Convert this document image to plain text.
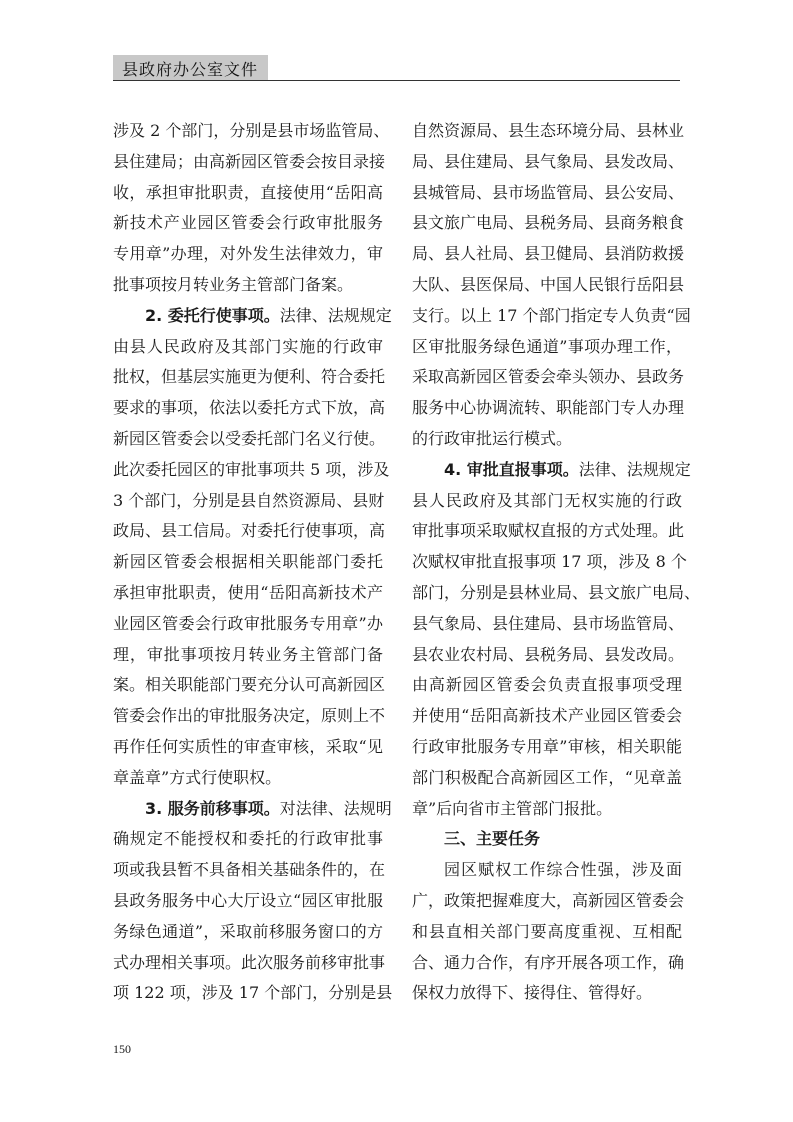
县政府办公室文件
涉及 2 个部门，分别是县市场监管局、
县住建局；由高新园区管委会按目录接
收，承担审批职责，直接使用“岳阳高
新技术产业园区管委会行政审批服务
专用章”办理，对外发生法律效力，审
批事项按月转业务主管部门备案。
2. 委托行使事项。法律、法规规定
由县人民政府及其部门实施的行政审
批权，但基层实施更为便利、符合委托
要求的事项，依法以委托方式下放，高
新园区管委会以受委托部门名义行使。
此次委托园区的审批事项共 5 项，涉及
3 个部门，分别是县自然资源局、县财
政局、县工信局。对委托行使事项，高
新园区管委会根据相关职能部门委托
承担审批职责，使用“岳阳高新技术产
业园区管委会行政审批服务专用章”办
理，审批事项按月转业务主管部门备
案。相关职能部门要充分认可高新园区
管委会作出的审批服务决定，原则上不
再作任何实质性的审查审核，采取“见
章盖章”方式行使职权。
3. 服务前移事项。对法律、法规明
确规定不能授权和委托的行政审批事
项或我县暂不具备相关基础条件的，在
县政务服务中心大厅设立“园区审批服
务绿色通道”，采取前移服务窗口的方
式办理相关事项。此次服务前移审批事
项 122 项，涉及 17 个部门，分别是县
自然资源局、县生态环境分局、县林业
局、县住建局、县气象局、县发改局、
县城管局、县市场监管局、县公安局、
县文旅广电局、县税务局、县商务粮食
局、县人社局、县卫健局、县消防救援
大队、县医保局、中国人民银行岳阳县
支行。以上 17 个部门指定专人负责“园
区审批服务绿色通道”事项办理工作，
采取高新园区管委会牵头领办、县政务
服务中心协调流转、职能部门专人办理
的行政审批运行模式。
4. 审批直报事项。法律、法规规定
县人民政府及其部门无权实施的行政
审批事项采取赋权直报的方式处理。此
次赋权审批直报事项 17 项，涉及 8 个
部门，分别是县林业局、县文旅广电局、
县气象局、县住建局、县市场监管局、
县农业农村局、县税务局、县发改局。
由高新园区管委会负责直报事项受理
并使用“岳阳高新技术产业园区管委会
行政审批服务专用章”审核，相关职能
部门积极配合高新园区工作，“见章盖
章”后向省市主管部门报批。
三、主要任务
园区赋权工作综合性强，涉及面
广，政策把握难度大，高新园区管委会
和县直相关部门要高度重视、互相配
合、通力合作，有序开展各项工作，确
保权力放得下、接得住、管得好。
150
